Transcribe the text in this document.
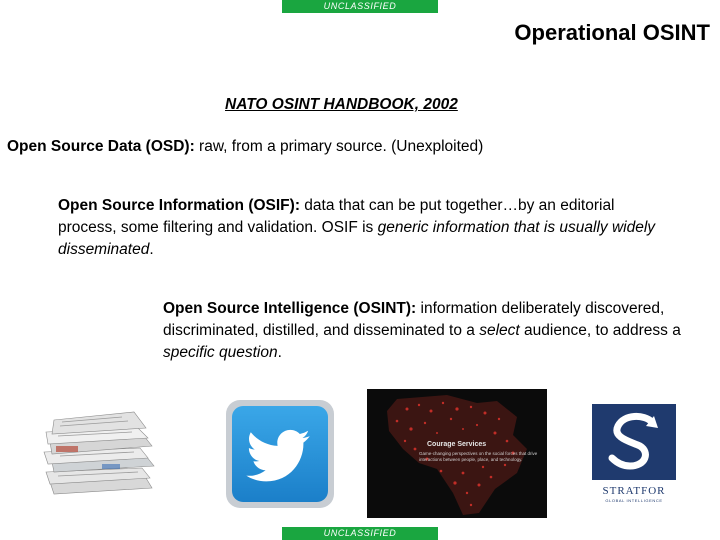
UNCLASSIFIED
Operational OSINT
NATO OSINT HANDBOOK, 2002
Open Source Data (OSD): raw, from a primary source. (Unexploited)
Open Source Information (OSIF): data that can be put together…by an editorial process, some filtering and validation. OSIF is generic information that is usually widely disseminated.
Open Source Intelligence (OSINT): information deliberately discovered, discriminated, distilled, and disseminated to a select audience, to address a specific question.
Courage Services
Game-changing perspectives on the social forces that drive interactions between people, place, and technology.
STRATFOR
GLOBAL INTELLIGENCE
UNCLASSIFIED
